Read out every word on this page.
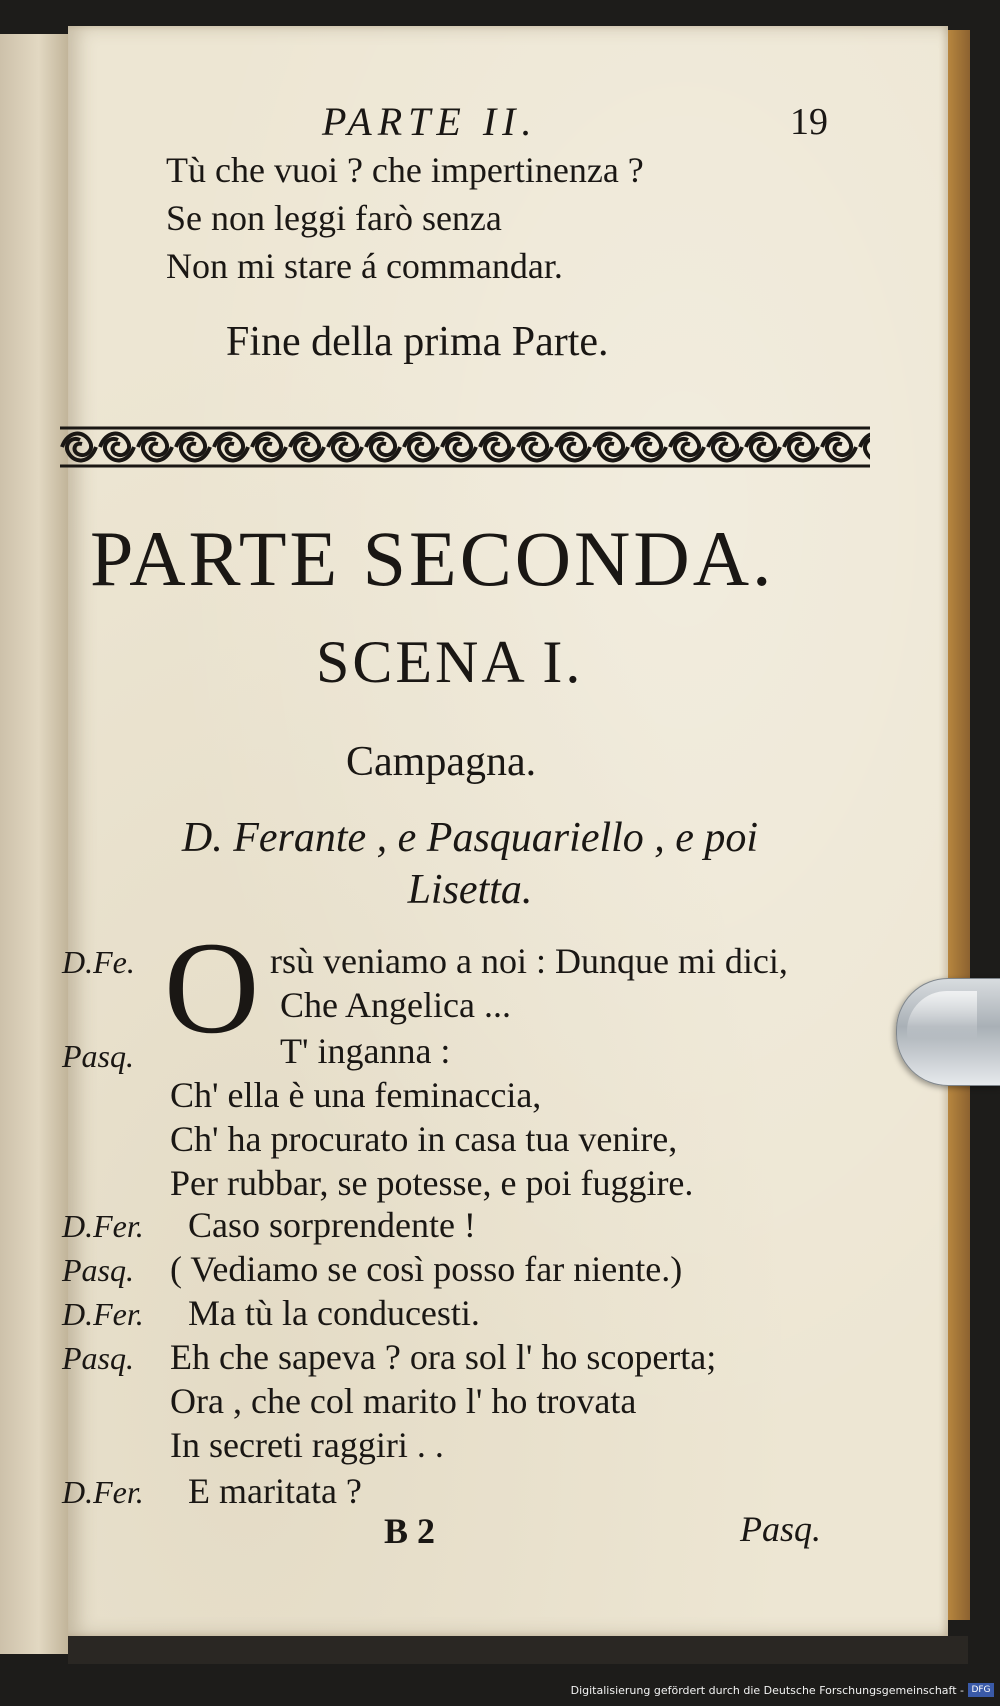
PARTE II.	19
Tù che vuoi ? che impertinenza ?
Se non leggi farò senza
Non mi stare á commandar.
Fine della prima Parte.
PARTE SECONDA.
SCENA I.
Campagna.
D. Ferante , e Pasquariello , e poi Lisetta.
O
D.Fe.
Pasq.
D.Fer.
Pasq.
D.Fer.
Pasq.
D.Fer.
rsù veniamo a noi : Dunque mi dici,
Che Angelica ...
T' inganna :
Ch' ella è una feminaccia,
Ch' ha procurato in casa tua venire,
Per rubbar, se potesse, e poi fuggire.
Caso sorprendente !
( Vediamo se così posso far niente.)
Ma tù la conducesti.
Eh che sapeva ? ora sol l' ho scoperta;
Ora , che col marito l' ho trovata
In secreti raggiri . .
E maritata ?
B 2	Pasq.
Digitalisierung gefördert durch die Deutsche Forschungsgemeinschaft - DFG
